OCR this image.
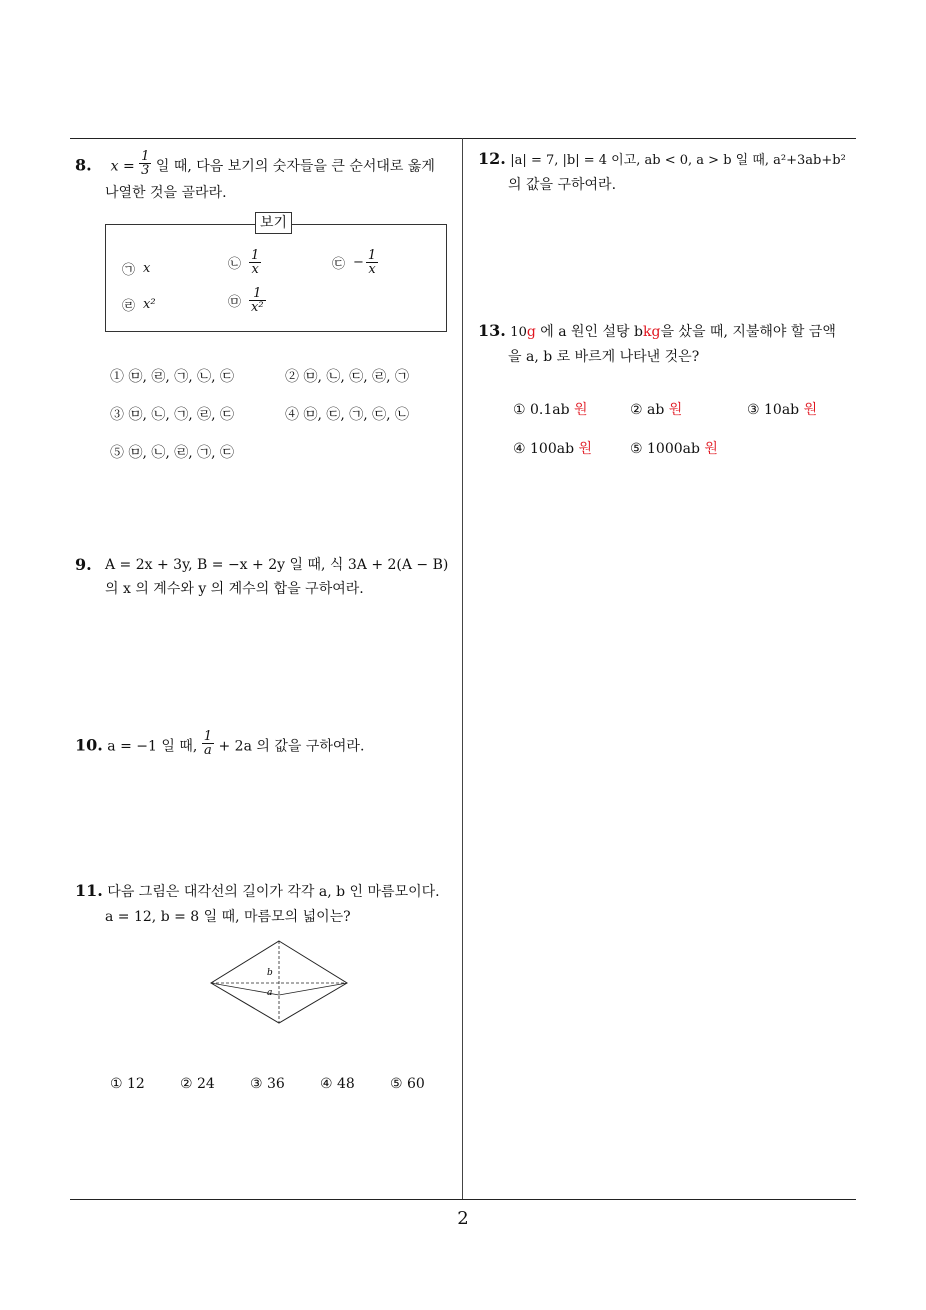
2
8. $x = \frac{1}{3}$ 일 때, 다음 보기의 숫자들을 큰 순서대로 옳게
나열한 것을 골라라.
보기
㉠ x	㉡ $\frac{1}{x}$	㉢ − $\frac{1}{x}$
㉣ x²	㉤ $\frac{1}{\text{x²}}$
① ㉤, ㉣, ㉠, ㉡, ㉢	② ㉤, ㉡, ㉢, ㉣, ㉠
③ ㉤, ㉡, ㉠, ㉣, ㉢	④ ㉤, ㉢, ㉠, ㉢, ㉡
⑤ ㉤, ㉡, ㉣, ㉠, ㉢
9. A = 2x + 3y, B = −x + 2y 일 때, 식 3A + 2(A − B)
의 x 의 계수와 y 의 계수의 합을 구하여라.
10. a = −1 일 때, $\frac{1}{a} + 2a$ 의 값을 구하여라.
11. 다음 그림은 대각선의 길이가 각각 a, b 인 마름모이다.
a = 12, b = 8 일 때, 마름모의 넓이는?
b
a
① 12	② 24	③ 36	④ 48	⑤ 60
12. |a| = 7, |b| = 4 이고, ab < 0, a > b 일 때, a²+3ab+b²
의 값을 구하여라.
13. 10g 에 a 원인 설탕 bkg을 샀을 때, 지불해야 할 금액
을 a, b 로 바르게 나타낸 것은?
① 0.1ab 원	② ab 원	③ 10ab 원
④ 100ab 원	⑤ 1000ab 원
